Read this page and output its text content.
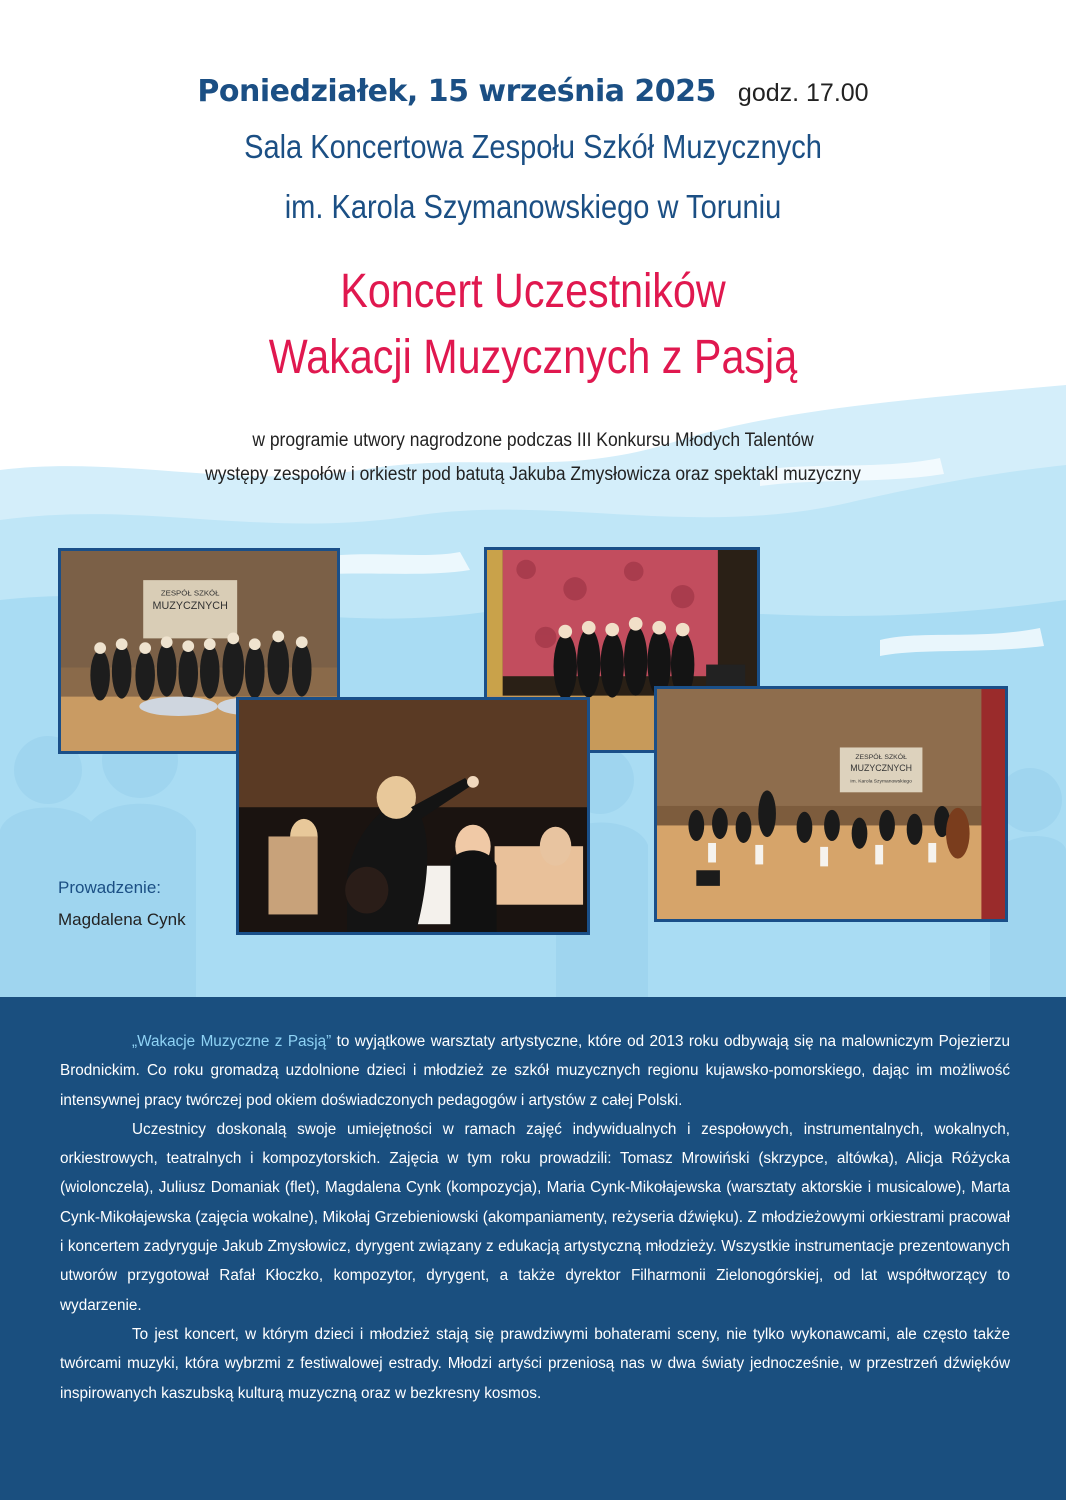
Poniedziałek, 15 września 2025 godz. 17.00
Sala Koncertowa Zespołu Szkół Muzycznych
im. Karola Szymanowskiego w Toruniu
Koncert Uczestników
Wakacji Muzycznych z Pasją
w programie utwory nagrodzone podczas III Konkursu Młodych Talentów
występy zespołów i orkiestr pod batutą Jakuba Zmysłowicza oraz spektakl muzyczny
ZESPÓŁ SZKÓŁ
MUZYCZNYCH
ZESPÓŁ SZKÓŁ
MUZYCZNYCH
im. Karola Szymanowskiego
Prowadzenie:
Magdalena Cynk

„Wakacje Muzyczne z Pasją” to wyjątkowe warsztaty artystyczne, które od 2013 roku odbywają się na malowniczym Pojezierzu Brodnickim. Co roku gromadzą uzdolnione dzieci i młodzież ze szkół muzycznych regionu kujawsko-pomorskiego, dając im możliwość intensywnej pracy twórczej pod okiem doświadczonych pedagogów i artystów z całej Polski.

Uczestnicy doskonalą swoje umiejętności w ramach zajęć indywidualnych i zespołowych, instrumentalnych, wokalnych, orkiestrowych, teatralnych i kompozytorskich. Zajęcia w tym roku prowadzili: Tomasz Mrowiński (skrzypce, altówka), Alicja Różycka (wiolonczela), Juliusz Domaniak (flet), Magdalena Cynk (kompozycja), Maria Cynk-Mikołajewska (warsztaty aktorskie i musicalowe), Marta Cynk-Mikołajewska (zajęcia wokalne), Mikołaj Grzebieniowski (akompaniamenty, reżyseria dźwięku). Z młodzieżowymi orkiestrami pracował i koncertem zadyryguje Jakub Zmysłowicz, dyrygent związany z edukacją artystyczną młodzieży. Wszystkie instrumentacje prezentowanych utworów przygotował Rafał Kłoczko, kompozytor, dyrygent, a także dyrektor Filharmonii Zielonogórskiej, od lat współtworzący to wydarzenie.

To jest koncert, w którym dzieci i młodzież stają się prawdziwymi bohaterami sceny, nie tylko wykonawcami, ale często także twórcami muzyki, która wybrzmi z festiwalowej estrady. Młodzi artyści przeniosą nas w dwa światy jednocześnie, w przestrzeń dźwięków inspirowanych kaszubską kulturą muzyczną oraz w bezkresny kosmos.
